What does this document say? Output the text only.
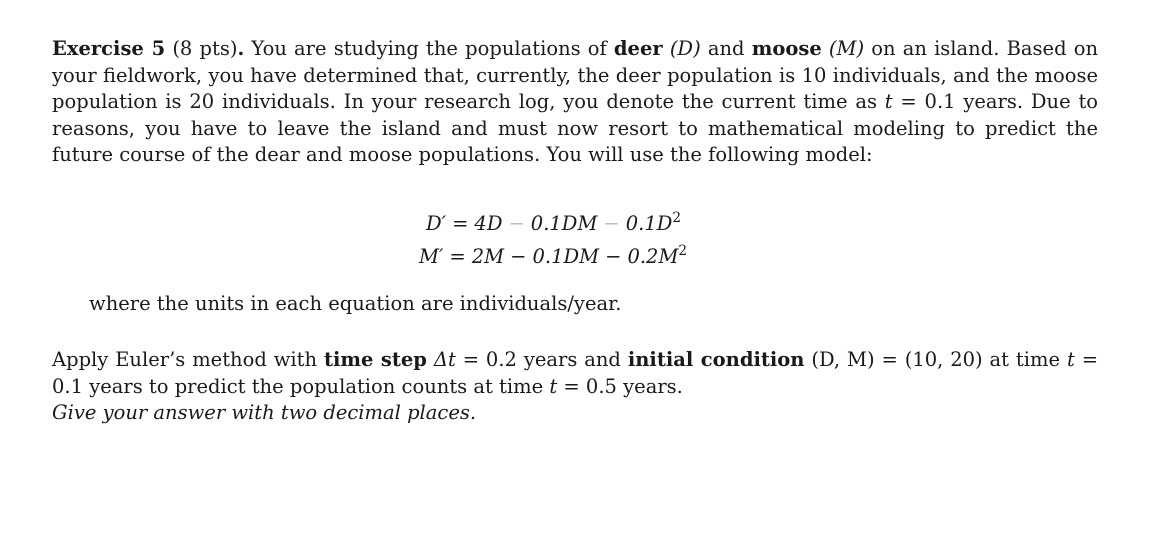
Exercise 5 (8 pts). You are studying the populations of deer (D) and moose (M) on an island. Based on your fieldwork, you have determined that, currently, the deer population is 10 individuals, and the moose population is 20 individuals. In your research log, you denote the current time as t = 0.1 years. Due to reasons, you have to leave the island and must now resort to mathematical modeling to predict the future course of the dear and moose populations. You will use the following model:

$D' = 4D - 0.1DM - 0.1D^2$
$M' = 2M - 0.1DM - 0.2M^2$

where the units in each equation are individuals/year.

Apply Euler’s method with time step Δt = 0.2 years and initial condition (D, M) = (10, 20) at time t = 0.1 years to predict the population counts at time t = 0.5 years.
Give your answer with two decimal places.
